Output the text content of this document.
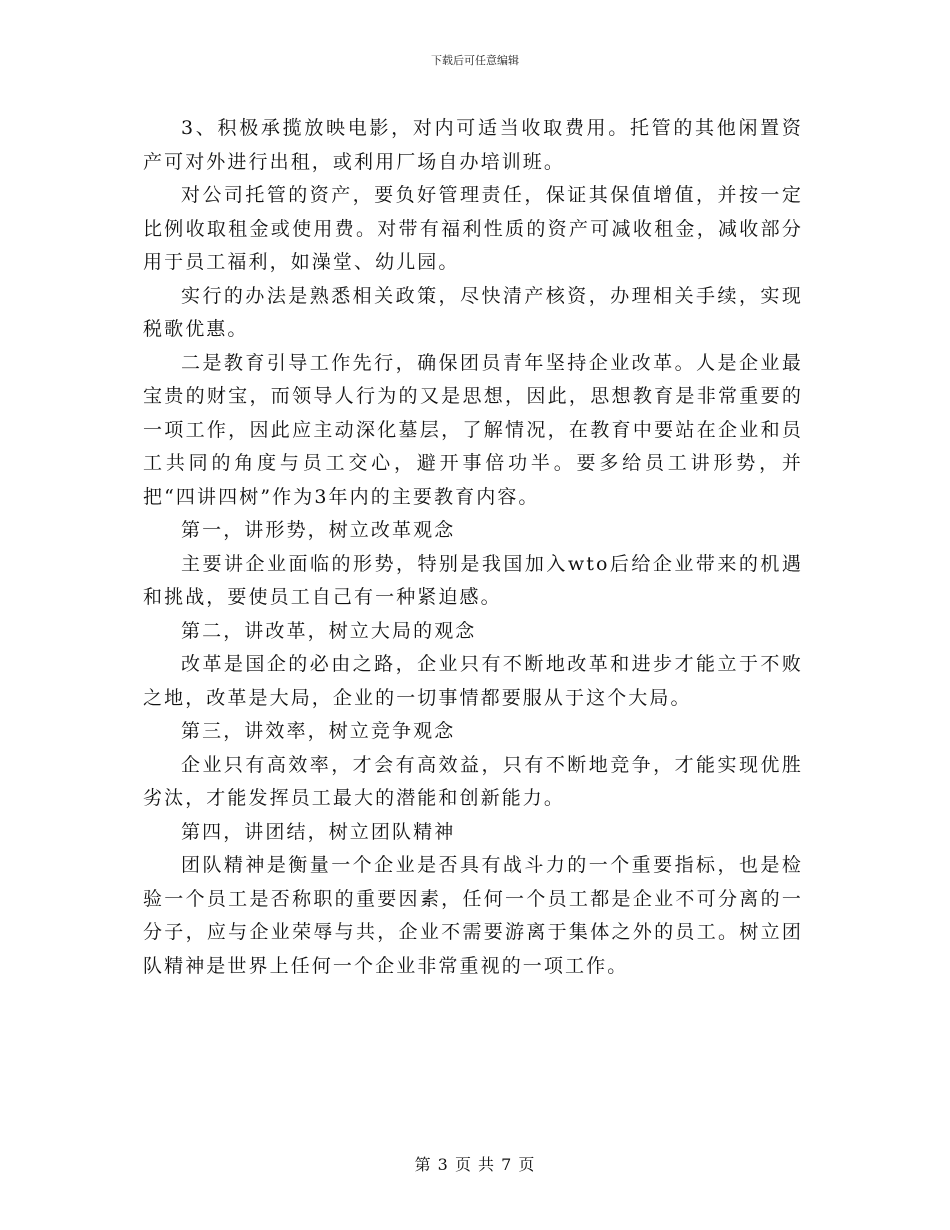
下载后可任意编辑

3、积极承揽放映电影，对内可适当收取费用。托管的其他闲置资产可对外进行出租，或利用厂场自办培训班。

对公司托管的资产，要负好管理责任，保证其保值增值，并按一定比例收取租金或使用费。对带有福利性质的资产可减收租金，减收部分用于员工福利，如澡堂、幼儿园。

实行的办法是熟悉相关政策，尽快清产核资，办理相关手续，实现税歌优惠。

二是教育引导工作先行，确保团员青年坚持企业改革。人是企业最宝贵的财宝，而领导人行为的又是思想，因此，思想教育是非常重要的一项工作，因此应主动深化墓层，了解情况，在教育中要站在企业和员工共同的角度与员工交心，避开事倍功半。要多给员工讲形势，并把“四讲四树”作为3年内的主要教育内容。

第一，讲形势，树立改革观念

主要讲企业面临的形势，特别是我国加入wto后给企业带来的机遇和挑战，要使员工自己有一种紧迫感。

第二，讲改革，树立大局的观念

改革是国企的必由之路，企业只有不断地改革和进步才能立于不败之地，改革是大局，企业的一切事情都要服从于这个大局。

第三，讲效率，树立竞争观念

企业只有高效率，才会有高效益，只有不断地竞争，才能实现优胜劣汰，才能发挥员工最大的潜能和创新能力。

第四，讲团结，树立团队精神

团队精神是衡量一个企业是否具有战斗力的一个重要指标，也是检验一个员工是否称职的重要因素，任何一个员工都是企业不可分离的一分子，应与企业荣辱与共，企业不需要游离于集体之外的员工。树立团队精神是世界上任何一个企业非常重视的一项工作。

第 3 页 共 7 页
